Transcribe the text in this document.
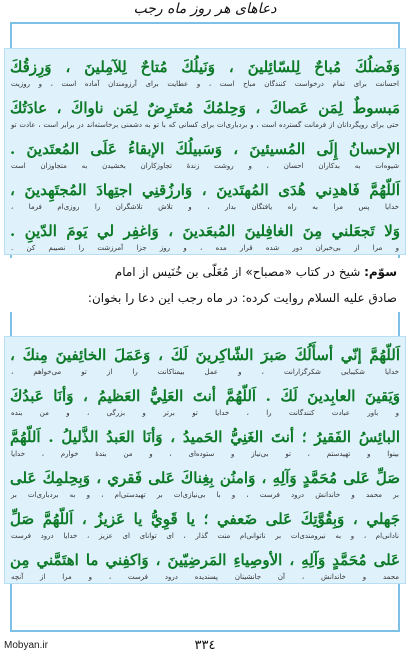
دعاهای هر روز ماه رجب
وَفَضلُكَ مُباحٌ لِلسّائِلينَ ، وَنَيلُكَ مُتاحٌ لِلآمِلينَ ، وَرِزقُكَ
احسانت برای تمام درخواست کنندگان مباح است ، و عطایت برای آرزومندان آماده است ، و روزیت
مَبسوطٌ لِمَن عَصاكَ ، وَحِلمُكَ مُعتَرِضٌ لِمَن ناواكَ ، عادَتُكَ
حتی برای رویگردانان از فرمانت گسترده است ، و بردباری‌ات برای کسانی که با تو به دشمنی برخاسته‌اند در برابر است ، عادت تو
الإحسانُ إِلَى المُسيئينَ ، وَسَبيلُكَ الإبقاءُ عَلَى المُعتَدينَ .
شیوه‌ات به بدکاران احسان ، و روشت زندهٔ تجاوزکاران بخشیدن به متجاوزان است
اَللّهُمَّ فَاهدِني هُدَى المُهتَدينَ ، وَارزُقنِي اجتِهادَ المُجتَهِدينَ ،
خدایا پس مرا به راه یافتگان بدار ، و تلاش تلاشگران را روزی‌ام فرما ،
وَلا تَجعَلني مِنَ الغافِلينَ المُبعَدينَ ، وَاغفِر لي يَومَ الدّينِ .
و مرا از بی‌خبران دور شده قرار مده ، و روز جزا آمرزشت را نصیبم کن .
سوّم: شیخ در کتاب «مصباح» از مُعَلّی بن خُنَیس از امام
صادق عليه السلام روايت كرده: در ماه رجب اين دعا را بخوان:
اَللّهُمَّ إنّي أسأَلُكَ صَبرَ الشّاكِرينَ لَكَ ، وَعَمَلَ الخائِفينَ مِنكَ ،
خدایا شکیبایی شکرگزارانت ، و عمل بیمناکانت را از تو می‌خواهم ،
وَيَقينَ العابِدينَ لَكَ . اَللّهُمَّ أنتَ العَلِيُّ العَظيمُ ، وَأنَا عَبدُكَ
و باور عبادت کنندگانت را ، خدایا تو برتر و بزرگی ، و من بنده
البائِسُ الفَقيرُ ؛ أنتَ الغَنِيُّ الحَميدُ ، وَأنَا العَبدُ الذَّليلُ . اَللّهُمَّ
بینوا و تهیدستم ، تو بی‌نیاز و ستوده‌ای ، و من بندهٔ خوارم ، خدایا
صَلِّ عَلى مُحَمَّدٍ وَآلِهِ ، وَامنُن بِغِناكَ عَلى فَقري ، وَبِحِلمِكَ عَلى
بر محمد و خاندانش درود فرست ، و با بی‌نیازی‌ات بر تهیدستی‌ام ، و به بردباری‌ات بر
جَهلي ، وَبِقُوَّتِكَ عَلى ضَعفي ؛ يا قَوِيُّ يا عَزيزُ ، اَللّهُمَّ صَلِّ
نادانی‌ام ، و به نیرومندی‌ات بر ناتوانی‌ام منت گذار ، ای توانای ای عزیز ، خدایا درود فرست
عَلى مُحَمَّدٍ وَآلِهِ ، الأوصِياءِ المَرضِيّينَ ، وَاكفِني ما اهتَمَّني مِن
محمد و خاندانش ، آن جانشینان پسندیده درود فرست ، و مرا از آنچه
٣٣٤
Mobyan.ir
